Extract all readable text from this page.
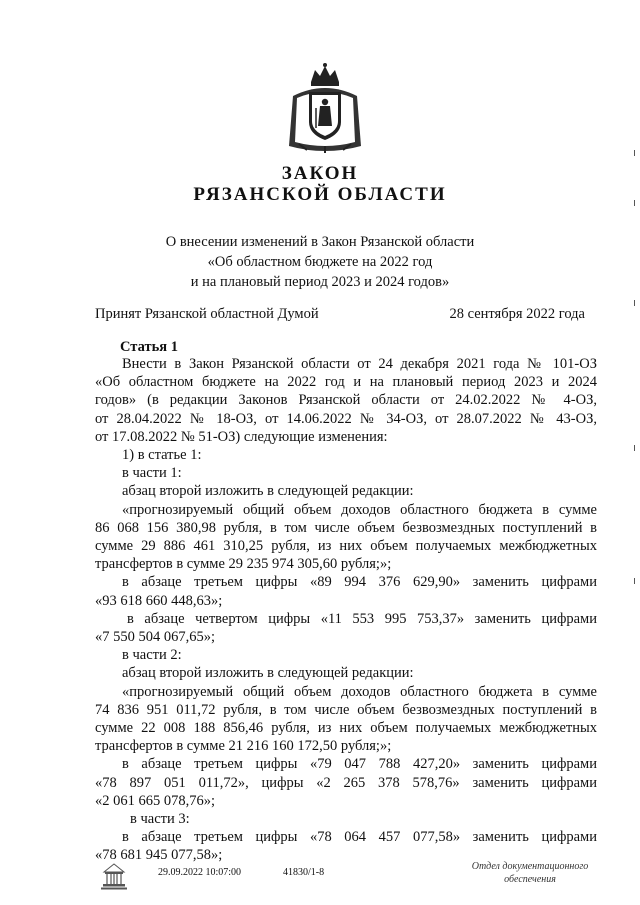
ЗАКОН
РЯЗАНСКОЙ ОБЛАСТИ
О внесении изменений в Закон Рязанской области
«Об областном бюджете на 2022 год
и на плановый период 2023 и 2024 годов»
Принят Рязанской областной Думой	28 сентября 2022 года
Статья 1

Внести в Закон Рязанской области от 24 декабря 2021 года № 101-ОЗ

«Об областном бюджете на 2022 год и на плановый период 2023 и 2024

годов» (в редакции Законов Рязанской области от 24.02.2022 № 4-ОЗ,

от 28.04.2022 № 18-ОЗ, от 14.06.2022 № 34-ОЗ, от 28.07.2022 № 43-ОЗ,

от 17.08.2022 № 51-ОЗ) следующие изменения:

1) в статье 1:

в части 1:

абзац второй изложить в следующей редакции:

«прогнозируемый общий объем доходов областного бюджета в сумме

86 068 156 380,98 рубля, в том числе объем безвозмездных поступлений в

сумме 29 886 461 310,25 рубля, из них объем получаемых межбюджетных

трансфертов в сумме 29 235 974 305,60 рубля;»;

в абзаце третьем цифры «89 994 376 629,90» заменить цифрами

«93 618 660 448,63»;

в абзаце четвертом цифры «11 553 995 753,37» заменить цифрами

«7 550 504 067,65»;

в части 2:

абзац второй изложить в следующей редакции:

«прогнозируемый общий объем доходов областного бюджета в сумме

74 836 951 011,72 рубля, в том числе объем безвозмездных поступлений в

сумме 22 008 188 856,46 рубля, из них объем получаемых межбюджетных

трансфертов в сумме 21 216 160 172,50 рубля;»;

в абзаце третьем цифры «79 047 788 427,20» заменить цифрами

«78 897 051 011,72», цифры «2 265 378 578,76» заменить цифрами

«2 061 665 078,76»;

в части 3:

в абзаце третьем цифры «78 064 457 077,58» заменить цифрами

«78 681 945 077,58»;

29.09.2022 10:07:00	41830/1-8
Отдел документационного
обеспечения
